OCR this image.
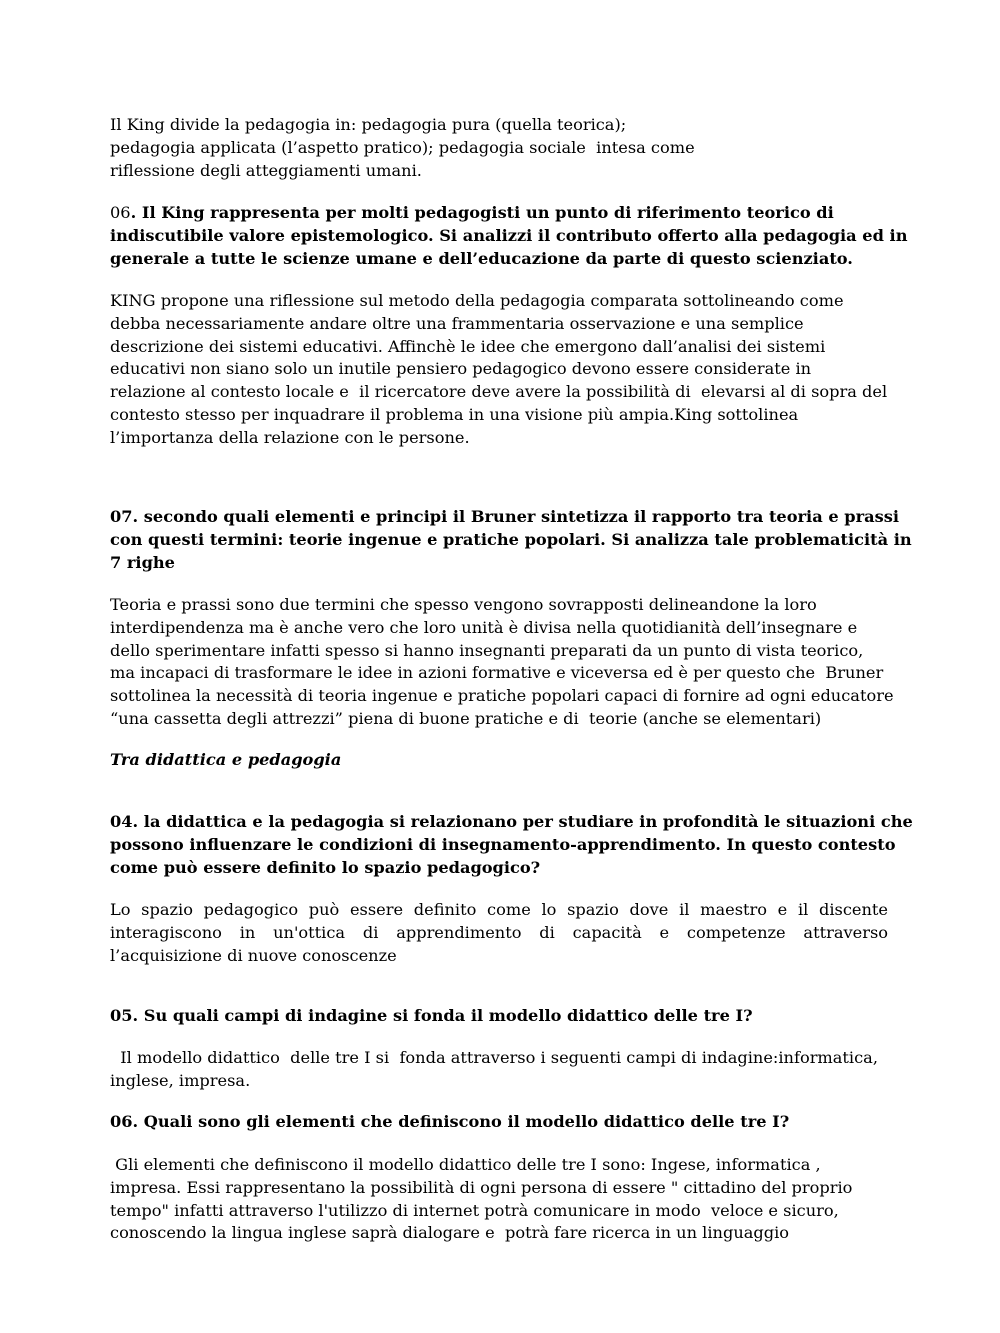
Il King divide la pedagogia in: pedagogia pura (quella teorica);
pedagogia applicata (l’aspetto pratico); pedagogia sociale  intesa come
riflessione degli atteggiamenti umani.
06. Il King rappresenta per molti pedagogisti un punto di riferimento teorico di
indiscutibile valore epistemologico. Si analizzi il contributo offerto alla pedagogia ed in
generale a tutte le scienze umane e dell’educazione da parte di questo scienziato.
KING propone una riflessione sul metodo della pedagogia comparata sottolineando come
debba necessariamente andare oltre una frammentaria osservazione e una semplice
descrizione dei sistemi educativi. Affinchè le idee che emergono dall’analisi dei sistemi
educativi non siano solo un inutile pensiero pedagogico devono essere considerate in
relazione al contesto locale e  il ricercatore deve avere la possibilità di  elevarsi al di sopra del
contesto stesso per inquadrare il problema in una visione più ampia.King sottolinea
l’importanza della relazione con le persone.
07. secondo quali elementi e principi il Bruner sintetizza il rapporto tra teoria e prassi
con questi termini: teorie ingenue e pratiche popolari. Si analizza tale problematicità in
7 righe
Teoria e prassi sono due termini che spesso vengono sovrapposti delineandone la loro
interdipendenza ma è anche vero che loro unità è divisa nella quotidianità dell’insegnare e
dello sperimentare infatti spesso si hanno insegnanti preparati da un punto di vista teorico,
ma incapaci di trasformare le idee in azioni formative e viceversa ed è per questo che  Bruner
sottolinea la necessità di teoria ingenue e pratiche popolari capaci di fornire ad ogni educatore
“una cassetta degli attrezzi” piena di buone pratiche e di  teorie (anche se elementari)
Tra didattica e pedagogia
04. la didattica e la pedagogia si relazionano per studiare in profondità le situazioni che
possono influenzare le condizioni di insegnamento-apprendimento. In questo contesto
come può essere definito lo spazio pedagogico?
Lo spazio pedagogico può essere definito come lo spazio dove il maestro e il discente
interagiscono in un'ottica di apprendimento di capacità e competenze attraverso
l’acquisizione di nuove conoscenze
05. Su quali campi di indagine si fonda il modello didattico delle tre I?
Il modello didattico  delle tre I si  fonda attraverso i seguenti campi di indagine:informatica,
inglese, impresa.
06. Quali sono gli elementi che definiscono il modello didattico delle tre I?
Gli elementi che definiscono il modello didattico delle tre I sono: Ingese, informatica ,
impresa. Essi rappresentano la possibilità di ogni persona di essere " cittadino del proprio
tempo" infatti attraverso l'utilizzo di internet potrà comunicare in modo  veloce e sicuro,
conoscendo la lingua inglese saprà dialogare e  potrà fare ricerca in un linguaggio
